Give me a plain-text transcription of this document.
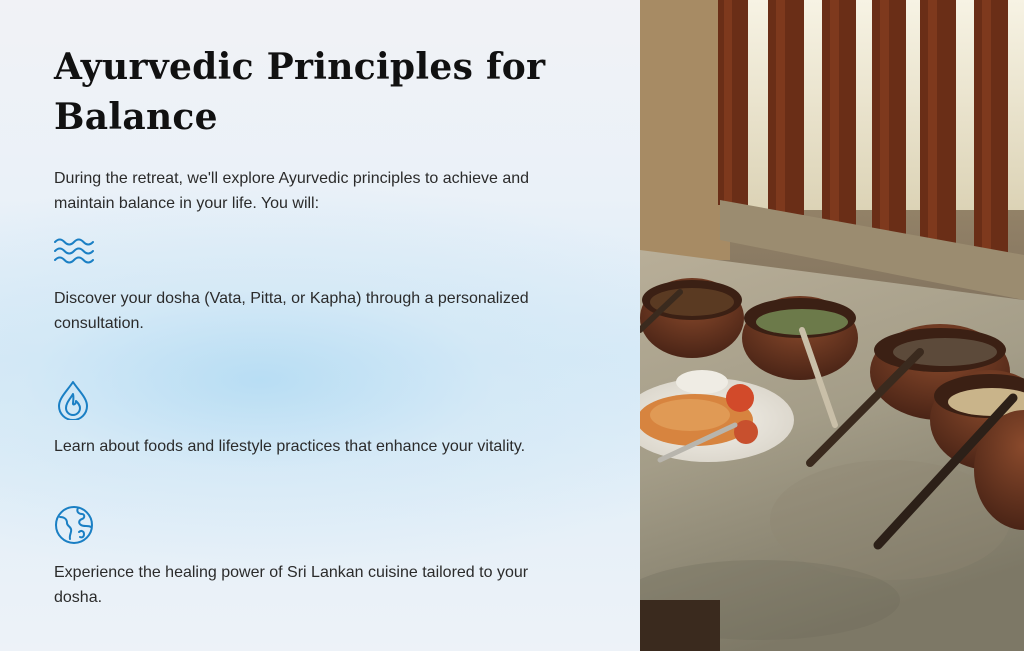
Ayurvedic Principles for Balance

During the retreat, we'll explore Ayurvedic principles to achieve and maintain balance in your life. You will:

Discover your dosha (Vata, Pitta, or Kapha) through a personalized consultation.

Learn about foods and lifestyle practices that enhance your vitality.

Experience the healing power of Sri Lankan cuisine tailored to your dosha.
